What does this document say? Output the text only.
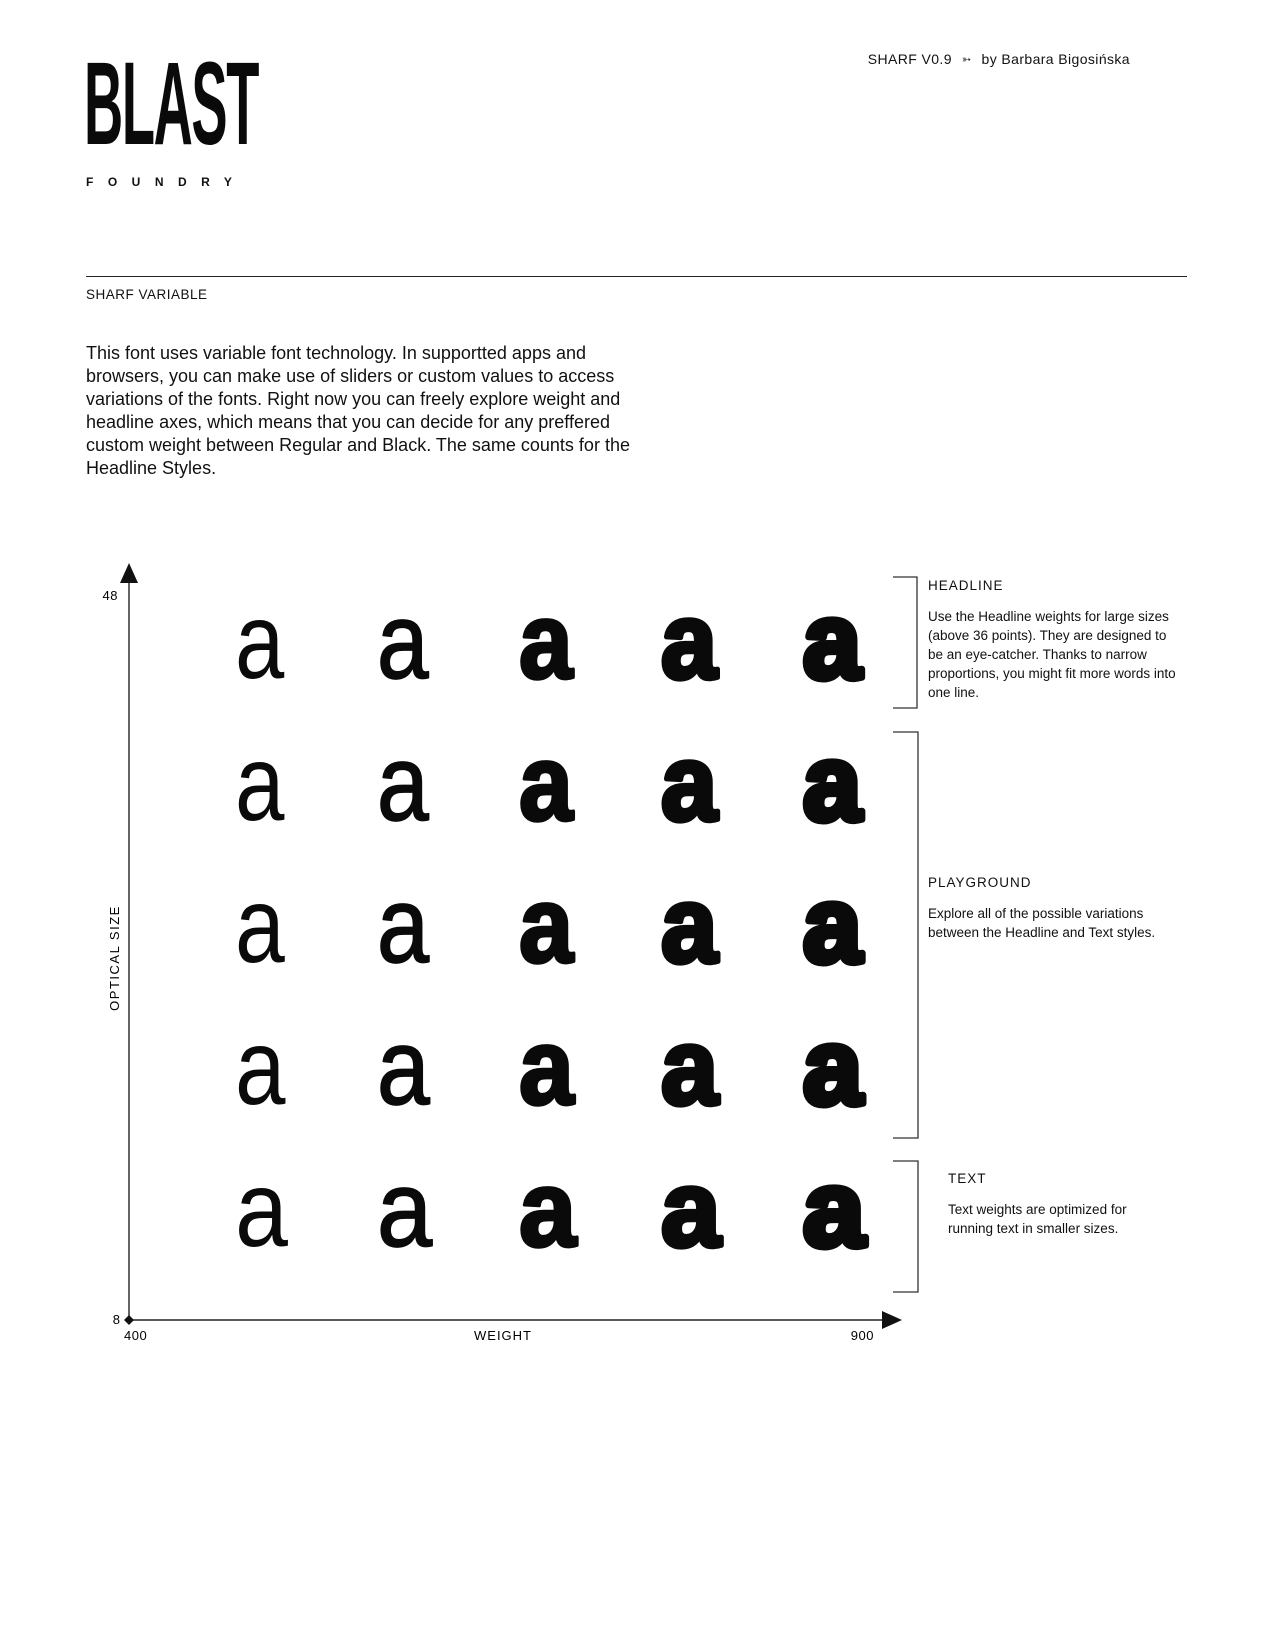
BLAST
FOUNDRY
SHARF V0.9 ➳ by Barbara Bigosińska
SHARF VARIABLE

This font uses variable font technology. In supportted apps and browsers, you can make use of sliders or custom values to access variations of the fonts. Right now you can freely explore weight and headline axes, which means that you can decide for any preffered custom weight between Regular and Black. The same counts for the Headline Styles.

48
8
400	900
WEIGHT
OPTICAL SIZE
a a a a a
a a a a a
a a a a a
a a a a a
a a a a a
HEADLINE

Use the Headline weights for large sizes (above 36 points). They are designed to be an eye-catcher. Thanks to narrow proportions, you might fit more words into one line.

PLAYGROUND

Explore all of the possible variations between the Headline and Text styles.

TEXT

Text weights are optimized for running text in smaller sizes.
